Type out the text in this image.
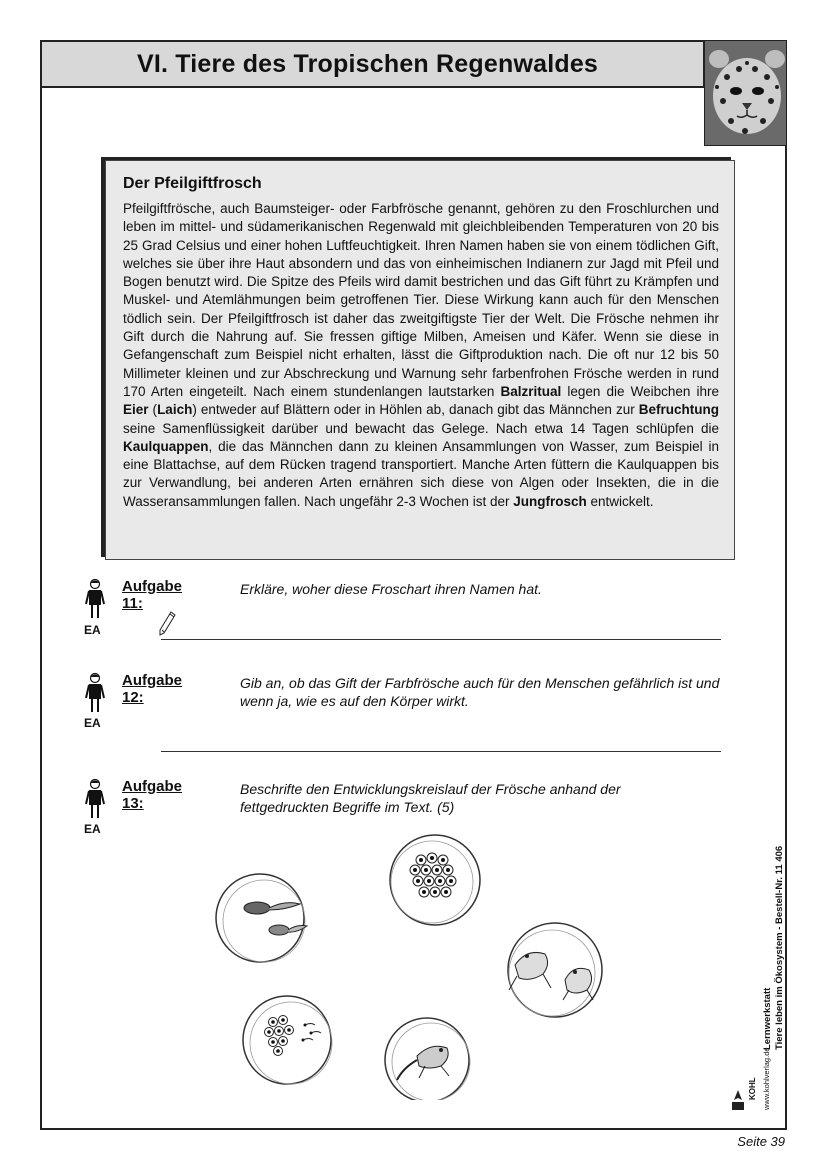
VI. Tiere des Tropischen Regenwaldes
Der Pfeilgiftfrosch

Pfeilgiftfrösche, auch Baumsteiger- oder Farbfrösche genannt, gehören zu den Froschlurchen und leben im mittel- und südamerikanischen Regenwald mit gleichbleibenden Temperaturen von 20 bis 25 Grad Celsius und einer hohen Luftfeuchtigkeit. Ihren Namen haben sie von einem tödlichen Gift, welches sie über ihre Haut absondern und das von einheimischen Indianern zur Jagd mit Pfeil und Bogen benutzt wird. Die Spitze des Pfeils wird damit bestrichen und das Gift führt zu Krämpfen und Muskel- und Atemlähmungen beim getroffenen Tier. Diese Wirkung kann auch für den Menschen tödlich sein. Der Pfeilgiftfrosch ist daher das zweitgiftigste Tier der Welt. Die Frösche nehmen ihr Gift durch die Nahrung auf. Sie fressen giftige Milben, Ameisen und Käfer. Wenn sie diese in Gefangenschaft zum Beispiel nicht erhalten, lässt die Giftproduktion nach. Die oft nur 12 bis 50 Millimeter kleinen und zur Abschreckung und Warnung sehr farbenfrohen Frösche werden in rund 170 Arten eingeteilt. Nach einem stundenlangen lautstarken Balzritual legen die Weibchen ihre Eier (Laich) entweder auf Blättern oder in Höhlen ab, danach gibt das Männchen zur Befruchtung seine Samenflüssigkeit darüber und bewacht das Gelege. Nach etwa 14 Tagen schlüpfen die Kaulquappen, die das Männchen dann zu kleinen Ansammlungen von Wasser, zum Beispiel in eine Blattachse, auf dem Rücken tragend transportiert. Manche Arten füttern die Kaulquappen bis zur Verwandlung, bei anderen Arten ernähren sich diese von Algen oder Insekten, die in die Wasseransammlungen fallen. Nach ungefähr 2-3 Wochen ist der Jungfrosch entwickelt.

EA
Aufgabe 11:
Erkläre, woher diese Froschart ihren Namen hat.
EA
Aufgabe 12:
Gib an, ob das Gift der Farbfrösche auch für den Menschen gefährlich ist und wenn ja, wie es auf den Körper wirkt.
EA
Aufgabe 13:
Beschrifte den Entwicklungskreislauf der Frösche anhand der fettgedruckten Begriffe im Text. (5)
Lernwerkstatt Tiere leben im Ökosystem - Bestell-Nr. 11 406
KOHL www.kohlverlag.de
Seite 39
